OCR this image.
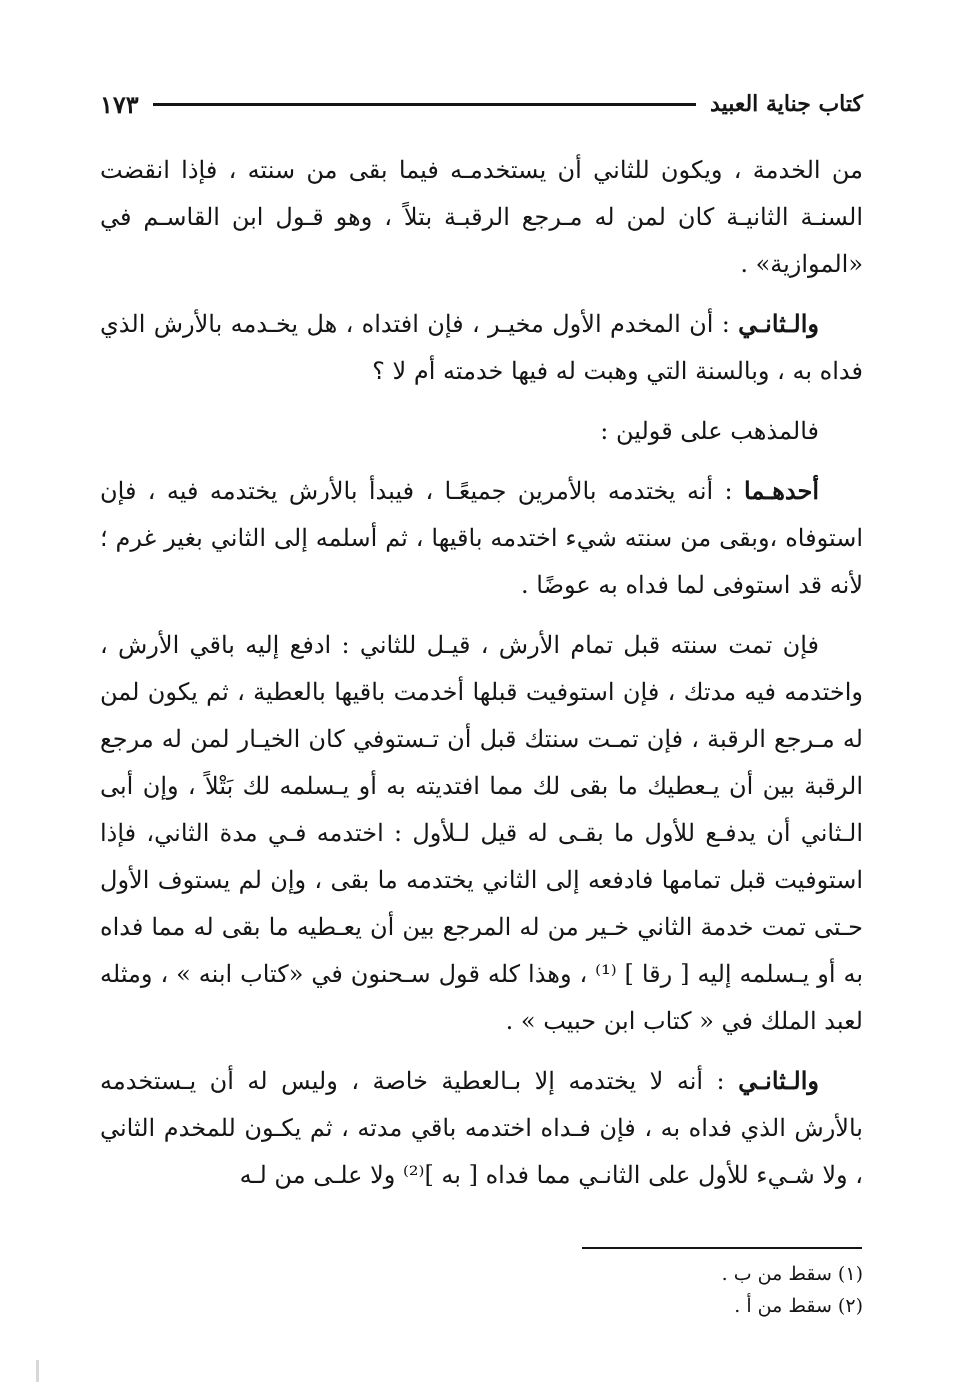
كتاب جناية العبيد
١٧٣

من الخدمة ، ويكون للثاني أن يستخدمـه فيما بقى من سنته ، فإذا انقضت السنـة الثانيـة كان لمن له مـرجع الرقبـة بتلاً ، وهو قـول ابن القاسـم في «الموازية» .

والـثانـي : أن المخدم الأول مخيـر ، فإن افتداه ، هل يخـدمه بالأرش الذي فداه به ، وبالسنة التي وهبت له فيها خدمته أم لا ؟

فالمذهب على قولين :

أحدهـما : أنه يختدمه بالأمرين جميعًـا ، فيبدأ بالأرش يختدمه فيه ، فإن استوفاه ،وبقى من سنته شيء اختدمه باقيها ، ثم أسلمه إلى الثاني بغير غرم ؛ لأنه قد استوفى لما فداه به عوضًا .

فإن تمت سنته قبل تمام الأرش ، قيـل للثاني : ادفع إليه باقي الأرش ، واختدمه فيه مدتك ، فإن استوفيت قبلها أخدمت باقيها بالعطية ، ثم يكون لمن له مـرجع الرقبة ، فإن تمـت سنتك قبل أن تـستوفي كان الخيـار لمن له مرجع الرقبة بين أن يـعطيك ما بقى لك مما افتديته به أو يـسلمه لك بَتْلاً ، وإن أبى الـثاني أن يدفـع للأول ما بقـى له قيل لـلأول : اختدمه فـي مدة الثاني، فإذا استوفيت قبل تمامها فادفعه إلى الثاني يختدمه ما بقى ، وإن لم يستوف الأول حـتى تمت خدمة الثاني خـير من له المرجع بين أن يعـطيه ما بقى له مما فداه به أو يـسلمه إليه [ رقا ] ⁽¹⁾ ، وهذا كله قول سـحنون في «كتاب ابنه » ، ومثله لعبد الملك في « كتاب ابن حبيب » .

والـثانـي : أنه لا يختدمه إلا بـالعطية خاصة ، وليس له أن يـستخدمه بالأرش الذي فداه به ، فإن فـداه اختدمه باقي مدته ، ثم يكـون للمخدم الثاني ، ولا شـيء للأول على الثانـي مما فداه [ به ]⁽²⁾ ولا علـى من لـه

(١) سقط من ب .
(٢) سقط من أ .
